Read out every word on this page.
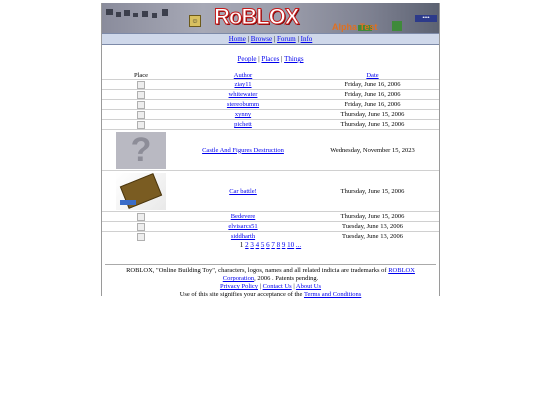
☺ RoBLOX	Alpha Test
••••
Home | Browse | Forum | Info
People | Places | Things
Place	Author	Date
	ziay11	Friday, June 16, 2006
	whitewater	Friday, June 16, 2006
	stereobumm	Friday, June 16, 2006
	xynny	Thursday, June 15, 2006
	pichett	Thursday, June 15, 2006

?	Castle And Figures Destruction	Wednesday, November 15, 2023

	Car battle!	Thursday, June 15, 2006
	Bedevere	Thursday, June 15, 2006
	elvisarcs51	Tuesday, June 13, 2006
	siddharth	Tuesday, June 13, 2006
1 2 3 4 5 6 7 8 9 10 ...
ROBLOX, "Online Building Toy", characters, logos, names and all related indicia are trademarks of ROBLOX Corporation, 2006 . Patents pending.
Privacy Policy | Contact Us | About Us
Use of this site signifies your acceptance of the Terms and Conditions
